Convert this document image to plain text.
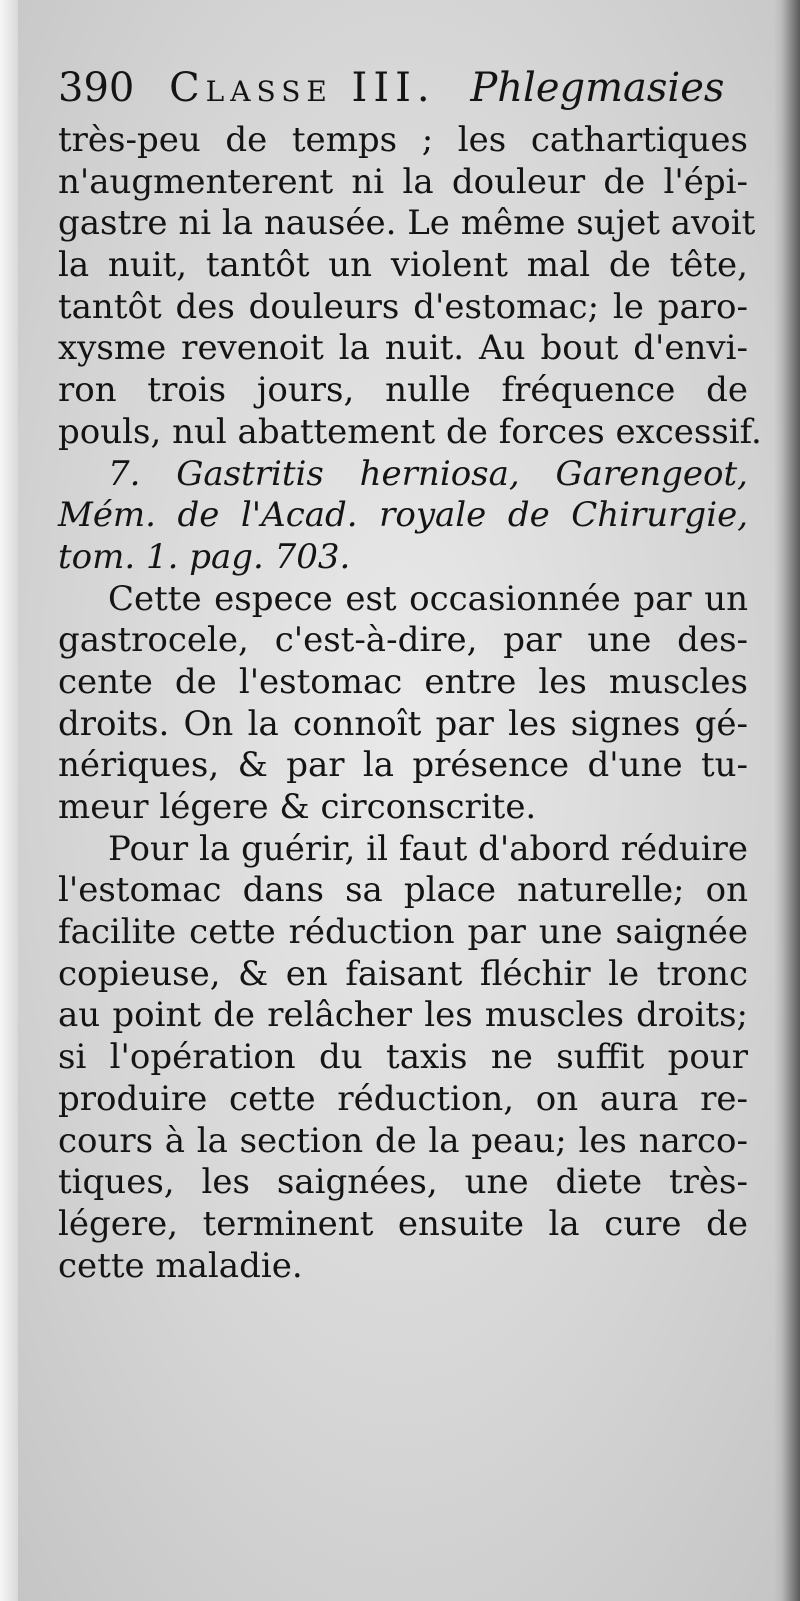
390 Classe III. Phlegmasies
très-peu de temps ; les cathartiques
n'augmenterent ni la douleur de l'épi-
gastre ni la nausée. Le même sujet avoit
la nuit, tantôt un violent mal de tête,
tantôt des douleurs d'estomac; le paro-
xysme revenoit la nuit. Au bout d'envi-
ron trois jours, nulle fréquence de
pouls, nul abattement de forces excessif.
7. Gastritis herniosa, Garengeot,
Mém. de l'Acad. royale de Chirurgie,
tom. 1. pag. 703.
Cette espece est occasionnée par un
gastrocele, c'est-à-dire, par une des-
cente de l'estomac entre les muscles
droits. On la connoît par les signes gé-
nériques, & par la présence d'une tu-
meur légere & circonscrite.
Pour la guérir, il faut d'abord réduire
l'estomac dans sa place naturelle; on
facilite cette réduction par une saignée
copieuse, & en faisant fléchir le tronc
au point de relâcher les muscles droits;
si l'opération du taxis ne suffit pour
produire cette réduction, on aura re-
cours à la section de la peau; les narco-
tiques, les saignées, une diete très-
légere, terminent ensuite la cure de
cette maladie.
